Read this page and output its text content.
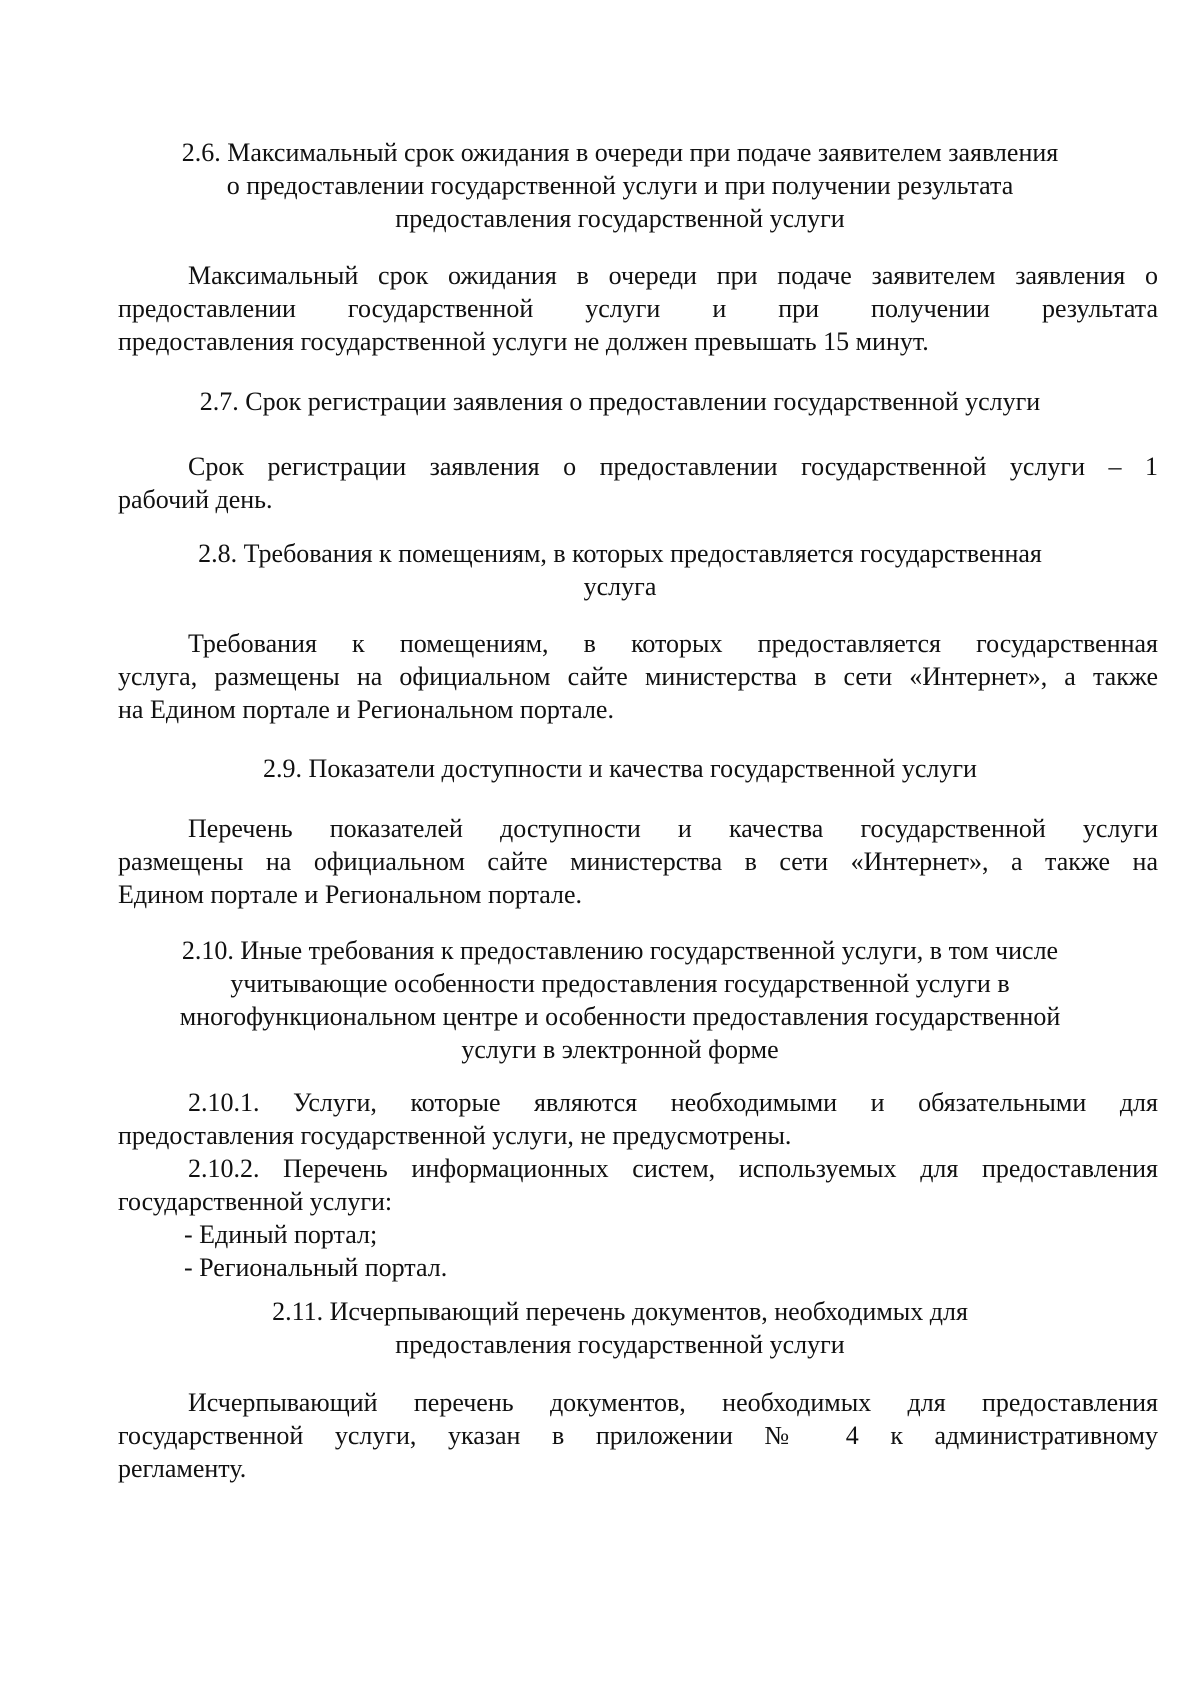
2.6. Максимальный срок ожидания в очереди при подаче заявителем заявления
о предоставлении государственной услуги и при получении результата
предоставления государственной услуги
Максимальный срок ожидания в очереди при подаче заявителем заявления о
предоставлении государственной услуги и при получении результата
предоставления государственной услуги не должен превышать 15 минут.
2.7. Срок регистрации заявления о предоставлении государственной услуги
Срок регистрации заявления о предоставлении государственной услуги – 1
рабочий день.
2.8. Требования к помещениям, в которых предоставляется государственная
услуга
Требования к помещениям, в которых предоставляется государственная
услуга, размещены на официальном сайте министерства в сети «Интернет», а также
на Едином портале и Региональном портале.
2.9. Показатели доступности и качества государственной услуги
Перечень показателей доступности и качества государственной услуги
размещены на официальном сайте министерства в сети «Интернет», а также на
Едином портале и Региональном портале.
2.10. Иные требования к предоставлению государственной услуги, в том числе
учитывающие особенности предоставления государственной услуги в
многофункциональном центре и особенности предоставления государственной
услуги в электронной форме
2.10.1. Услуги, которые являются необходимыми и обязательными для
предоставления государственной услуги, не предусмотрены.
2.10.2. Перечень информационных систем, используемых для предоставления
государственной услуги:
- Единый портал;
- Региональный портал.
2.11. Исчерпывающий перечень документов, необходимых для
предоставления государственной услуги
Исчерпывающий перечень документов, необходимых для предоставления
государственной услуги, указан в приложении № 4 к административному
регламенту.
